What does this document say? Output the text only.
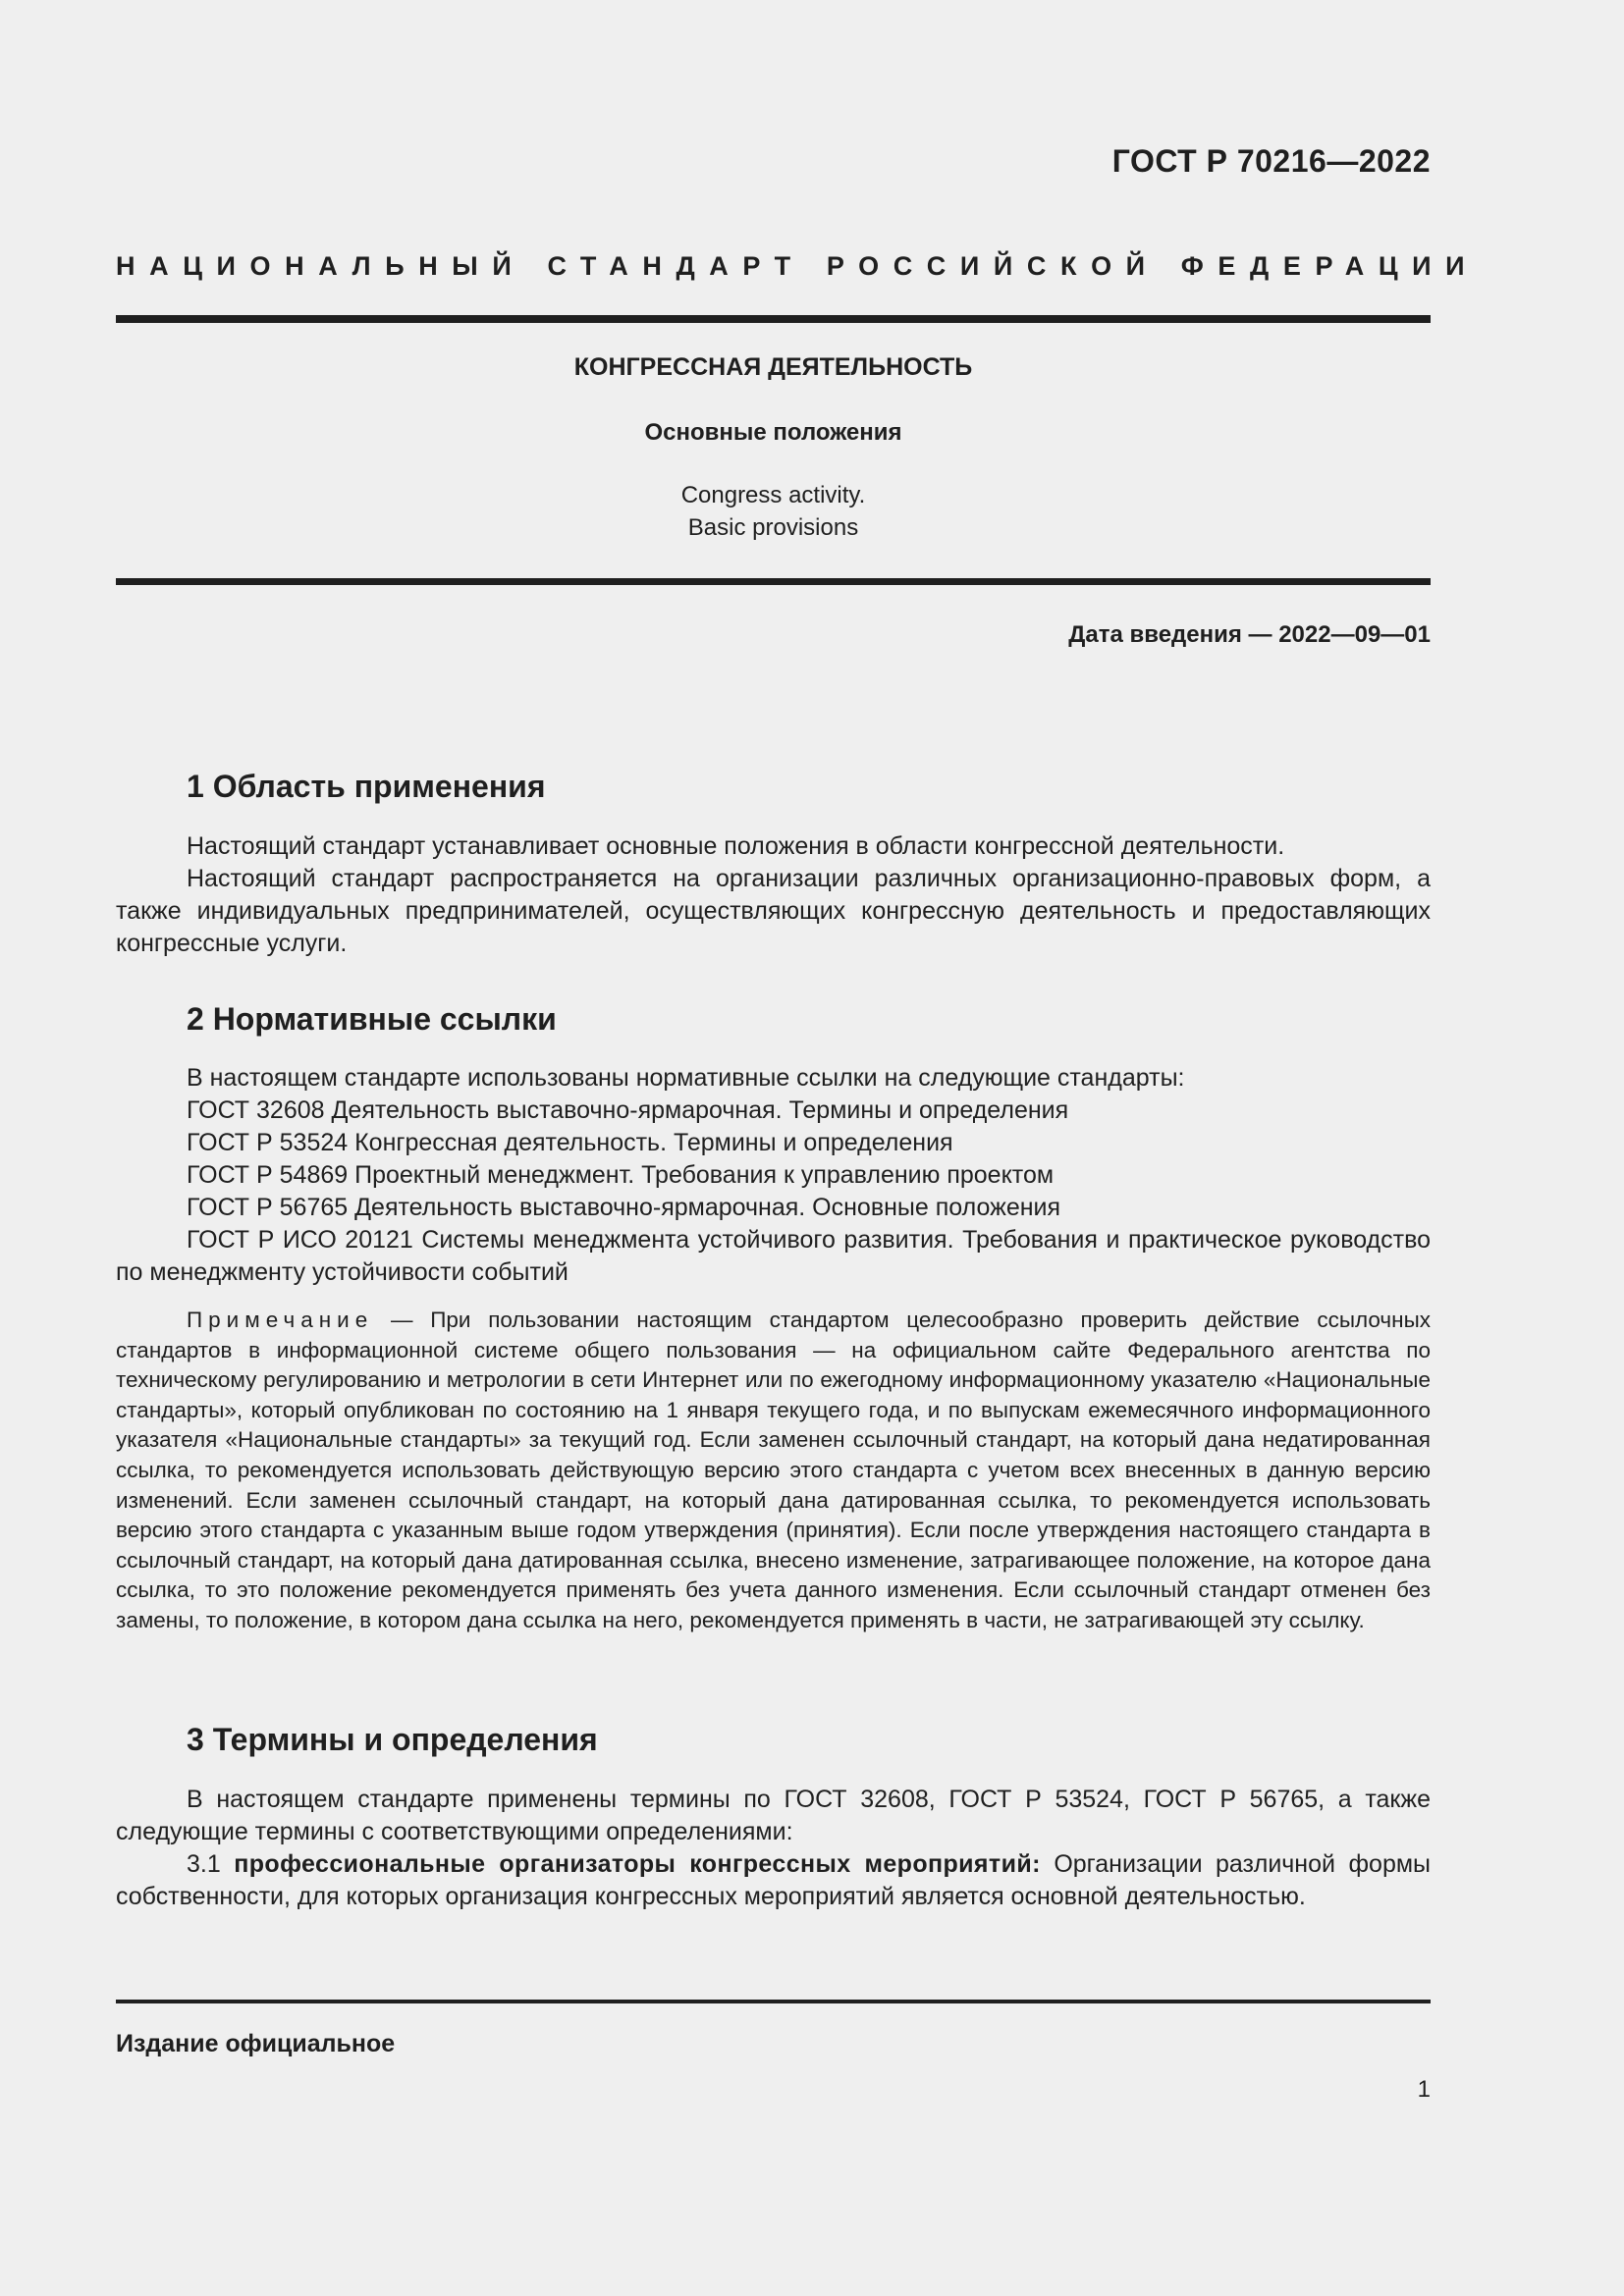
ГОСТ Р 70216—2022
НАЦИОНАЛЬНЫЙ СТАНДАРТ РОССИЙСКОЙ ФЕДЕРАЦИИ
КОНГРЕССНАЯ ДЕЯТЕЛЬНОСТЬ
Основные положения
Congress activity.
Basic provisions
Дата введения — 2022—09—01
1 Область применения

Настоящий стандарт устанавливает основные положения в области конгрессной деятельности.

Настоящий стандарт распространяется на организации различных организационно-правовых форм, а также индивидуальных предпринимателей, осуществляющих конгрессную деятельность и предоставляющих конгрессные услуги.

2 Нормативные ссылки

В настоящем стандарте использованы нормативные ссылки на следующие стандарты:

ГОСТ 32608 Деятельность выставочно-ярмарочная. Термины и определения

ГОСТ Р 53524 Конгрессная деятельность. Термины и определения

ГОСТ Р 54869 Проектный менеджмент. Требования к управлению проектом

ГОСТ Р 56765 Деятельность выставочно-ярмарочная. Основные положения

ГОСТ Р ИСО 20121 Системы менеджмента устойчивого развития. Требования и практическое руководство по менеджменту устойчивости событий

Примечание — При пользовании настоящим стандартом целесообразно проверить действие ссылочных стандартов в информационной системе общего пользования — на официальном сайте Федерального агентства по техническому регулированию и метрологии в сети Интернет или по ежегодному информационному указателю «Национальные стандарты», который опубликован по состоянию на 1 января текущего года, и по выпускам ежемесячного информационного указателя «Национальные стандарты» за текущий год. Если заменен ссылочный стандарт, на который дана недатированная ссылка, то рекомендуется использовать действующую версию этого стандарта с учетом всех внесенных в данную версию изменений. Если заменен ссылочный стандарт, на который дана датированная ссылка, то рекомендуется использовать версию этого стандарта с указанным выше годом утверждения (принятия). Если после утверждения настоящего стандарта в ссылочный стандарт, на который дана датированная ссылка, внесено изменение, затрагивающее положение, на которое дана ссылка, то это положение рекомендуется применять без учета данного изменения. Если ссылочный стандарт отменен без замены, то положение, в котором дана ссылка на него, рекомендуется применять в части, не затрагивающей эту ссылку.
3 Термины и определения

В настоящем стандарте применены термины по ГОСТ 32608, ГОСТ Р 53524, ГОСТ Р 56765, а также следующие термины с соответствующими определениями:

3.1 профессиональные организаторы конгрессных мероприятий: Организации различной формы собственности, для которых организация конгрессных мероприятий является основной деятельностью.

Издание официальное
1
